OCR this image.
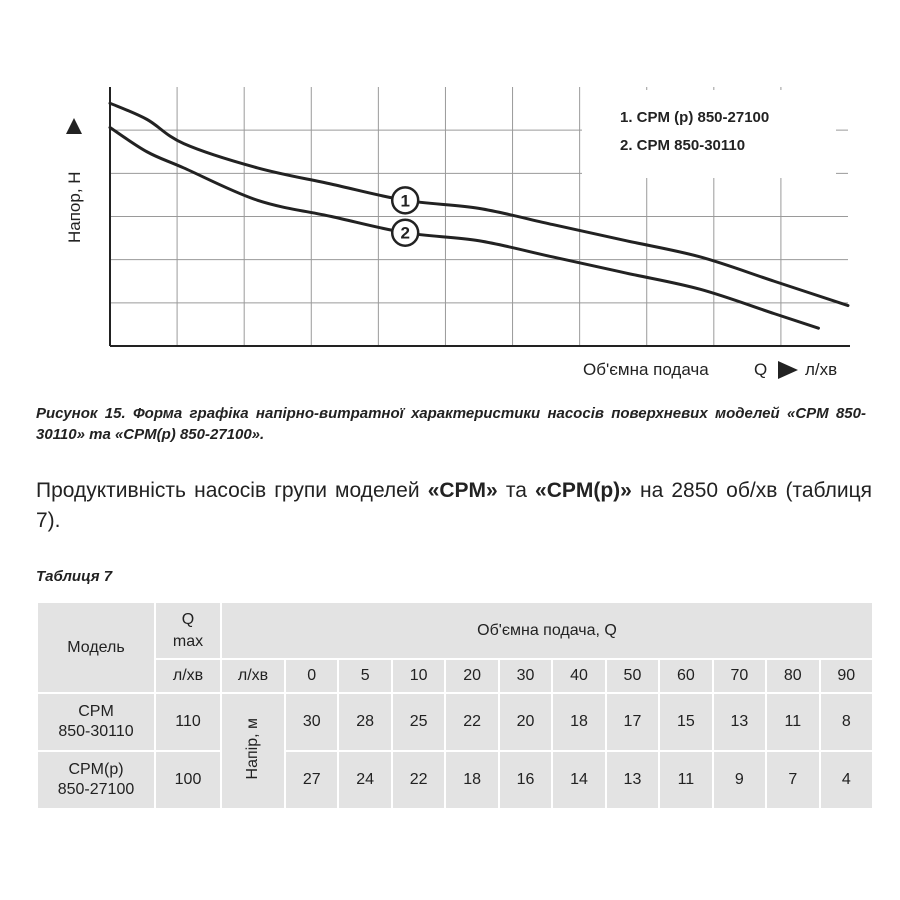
1
2
1. CPM (p) 850-27100
2. CPM 850-30110
Напор, Н
Об'ємна подача	Q л/хв
Рисунок 15. Форма графіка напірно-витратної характеристики насосів поверхневих моделей «CPM 850-30110» та «CPM(p) 850-27100».
Продуктивність насосів групи моделей «CPM» та «CPM(p)» на 2850 об/хв (таблиця 7).
Таблиця 7
Модель	Q max	Об'ємна подача, Q											
	л/хв	л/хв	0	5	10	20	30	40	50	60	70	80	90

CPM
850-30110	110	Напір, м	30	28	25	22	20	18	17	15	13	11	8

CPM(p)
850-27100	100		27	24	22	18	16	14	13	11	9	7	4
